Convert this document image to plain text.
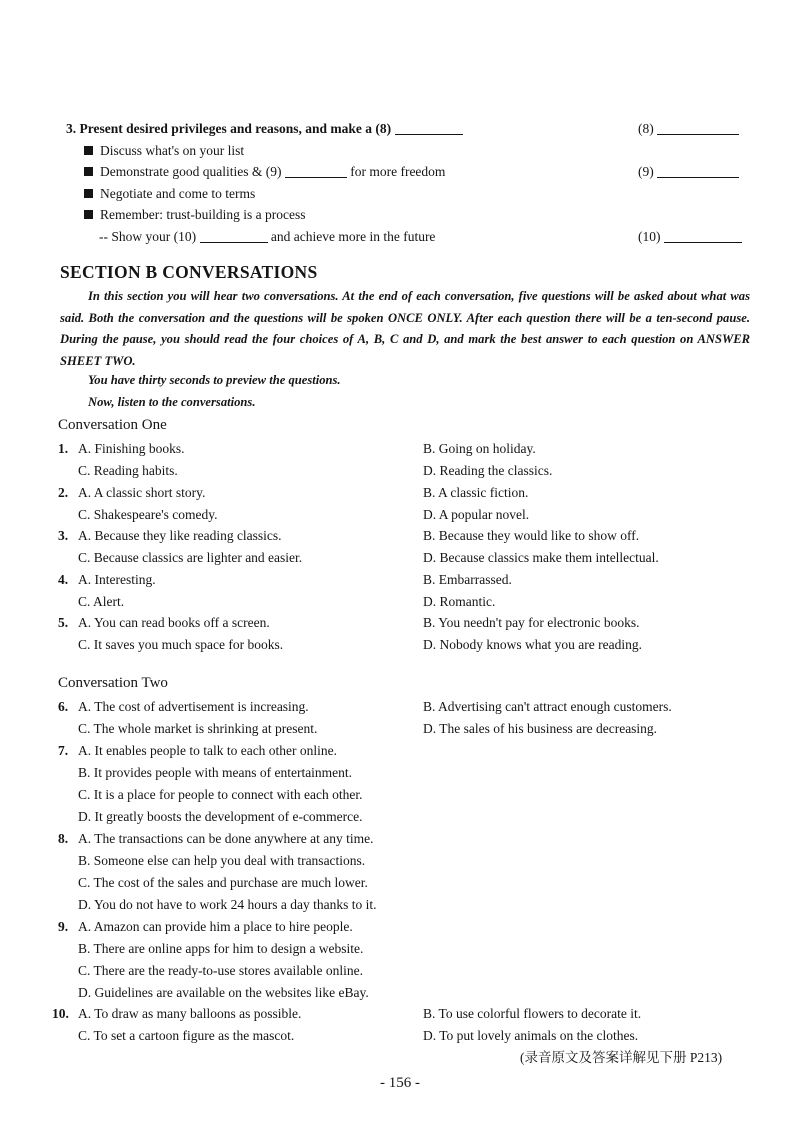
3. Present desired privileges and reasons, and make a (8)	(8)
Discuss what's on your list
Demonstrate good qualities & (9)	for more freedom	(9)
Negotiate and come to terms
Remember: trust-building is a process
-- Show your (10)	and achieve more in the future	(10)
SECTION B CONVERSATIONS
In this section you will hear two conversations. At the end of each conversation, five questions will be asked about what was said. Both the conversation and the questions will be spoken ONCE ONLY. After each question there will be a ten-second pause. During the pause, you should read the four choices of A, B, C and D, and mark the best answer to each question on ANSWER SHEET TWO.
You have thirty seconds to preview the questions.
Now, listen to the conversations.
Conversation One
1. A. Finishing books.	B. Going on holiday.
C. Reading habits.	D. Reading the classics.
2. A. A classic short story.	B. A classic fiction.
C. Shakespeare's comedy.	D. A popular novel.
3. A. Because they like reading classics.	B. Because they would like to show off.
C. Because classics are lighter and easier.	D. Because classics make them intellectual.
4. A. Interesting.	B. Embarrassed.
C. Alert.	D. Romantic.
5. A. You can read books off a screen.	B. You needn't pay for electronic books.
C. It saves you much space for books.	D. Nobody knows what you are reading.
Conversation Two
6. A. The cost of advertisement is increasing.	B. Advertising can't attract enough customers.
C. The whole market is shrinking at present.	D. The sales of his business are decreasing.
7. A. It enables people to talk to each other online.
B. It provides people with means of entertainment.
C. It is a place for people to connect with each other.
D. It greatly boosts the development of e-commerce.
8. A. The transactions can be done anywhere at any time.
B. Someone else can help you deal with transactions.
C. The cost of the sales and purchase are much lower.
D. You do not have to work 24 hours a day thanks to it.
9. A. Amazon can provide him a place to hire people.
B. There are online apps for him to design a website.
C. There are the ready-to-use stores available online.
D. Guidelines are available on the websites like eBay.
10. A. To draw as many balloons as possible.	B. To use colorful flowers to decorate it.
C. To set a cartoon figure as the mascot.	D. To put lovely animals on the clothes.
(录音原文及答案详解见下册 P213)
- 156 -
